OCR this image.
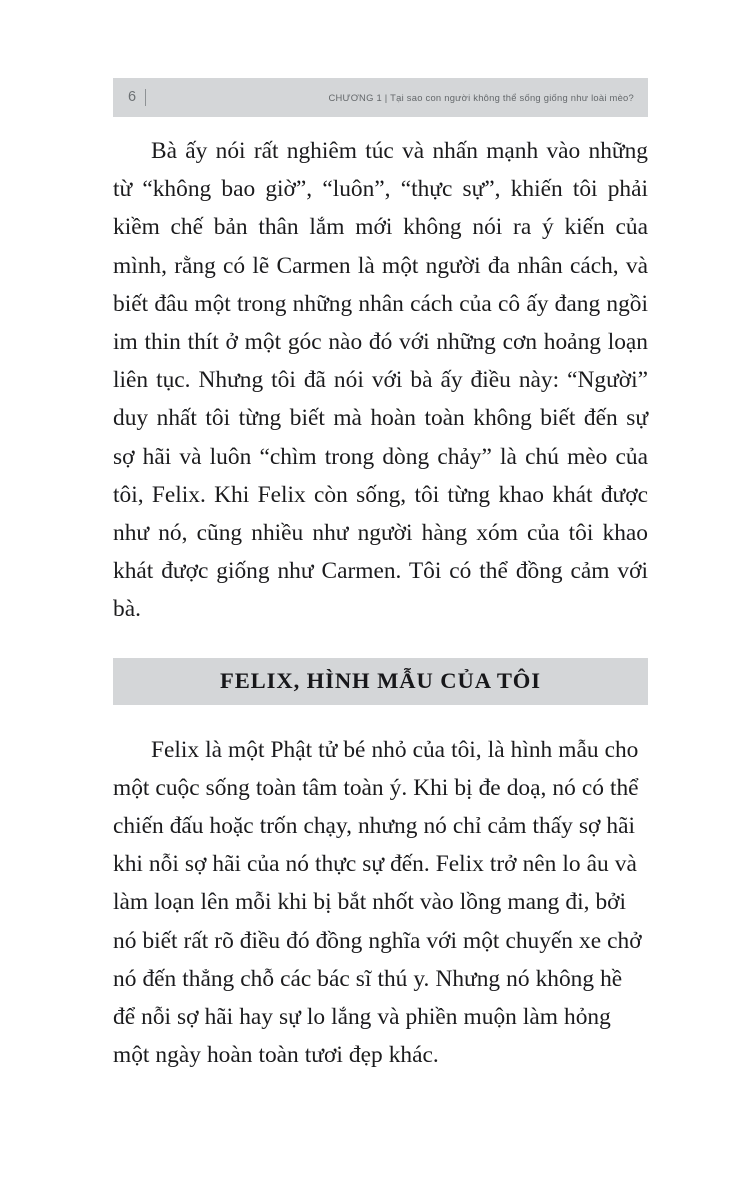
6	CHƯƠNG 1 | Tại sao con người không thể sống giống như loài mèo?

Bà ấy nói rất nghiêm túc và nhấn mạnh vào những từ “không bao giờ”, “luôn”, “thực sự”, khiến tôi phải kiềm chế bản thân lắm mới không nói ra ý kiến của mình, rằng có lẽ Carmen là một người đa nhân cách, và biết đâu một trong những nhân cách của cô ấy đang ngồi im thin thít ở một góc nào đó với những cơn hoảng loạn liên tục. Nhưng tôi đã nói với bà ấy điều này: “Người” duy nhất tôi từng biết mà hoàn toàn không biết đến sự sợ hãi và luôn “chìm trong dòng chảy” là chú mèo của tôi, Felix. Khi Felix còn sống, tôi từng khao khát được như nó, cũng nhiều như người hàng xóm của tôi khao khát được giống như Carmen. Tôi có thể đồng cảm với bà.

FELIX, HÌNH MẪU CỦA TÔI

Felix là một Phật tử bé nhỏ của tôi, là hình mẫu cho một cuộc sống toàn tâm toàn ý. Khi bị đe doạ, nó có thể chiến đấu hoặc trốn chạy, nhưng nó chỉ cảm thấy sợ hãi khi nỗi sợ hãi của nó thực sự đến. Felix trở nên lo âu và làm loạn lên mỗi khi bị bắt nhốt vào lồng mang đi, bởi nó biết rất rõ điều đó đồng nghĩa với một chuyến xe chở nó đến thẳng chỗ các bác sĩ thú y. Nhưng nó không hề để nỗi sợ hãi hay sự lo lắng và phiền muộn làm hỏng một ngày hoàn toàn tươi đẹp khác.
